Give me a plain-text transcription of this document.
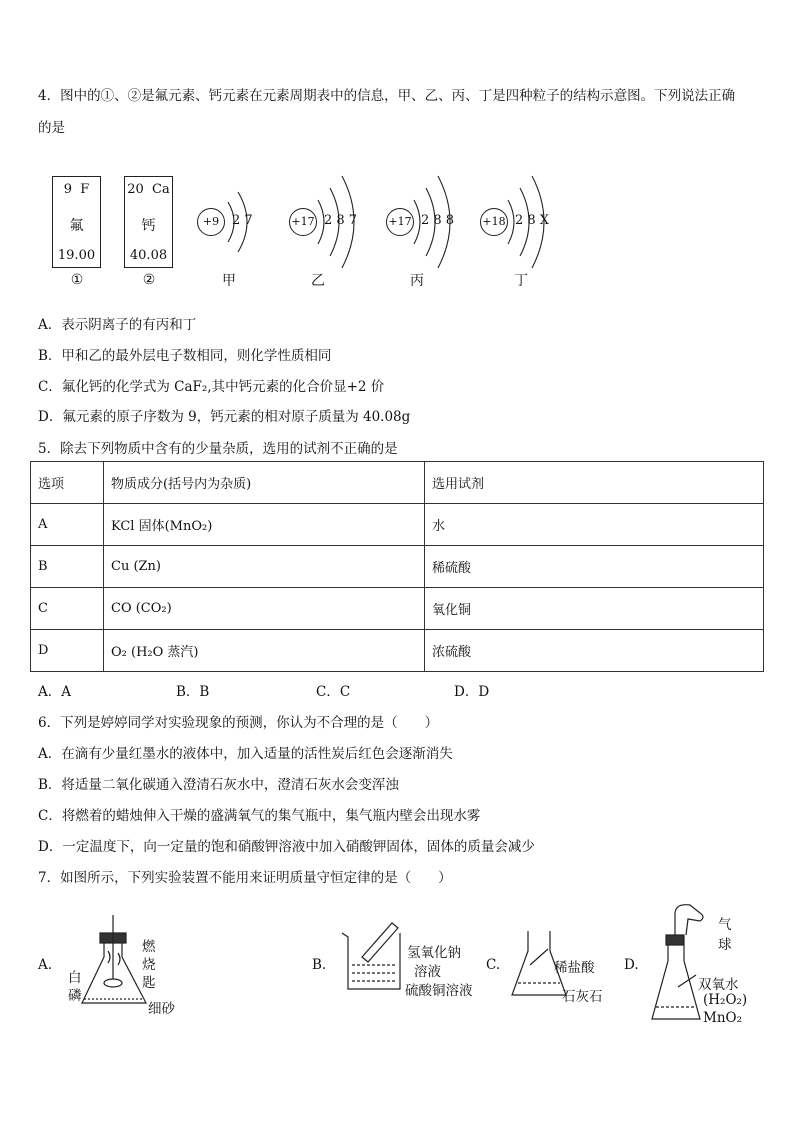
4．图中的①、②是氟元素、钙元素在元素周期表中的信息，甲、乙、丙、丁是四种粒子的结构示意图。下列说法正确
的是
9 F
氟
19.00
①
20 Ca
钙
40.08
②
+9 2 7
甲
+17 2 8 7
乙
+17 2 8 8
丙
+18 2 8 X
丁
A．表示阴离子的有丙和丁
B．甲和乙的最外层电子数相同，则化学性质相同
C．氟化钙的化学式为 CaF₂,其中钙元素的化合价显+2 价
D．氟元素的原子序数为 9，钙元素的相对原子质量为 40.08g
5．除去下列物质中含有的少量杂质，选用的试剂不正确的是
选项	物质成分(括号内为杂质)	选用试剂
A	KCl 固体(MnO₂)	水
B	Cu (Zn)	稀硫酸
C	CO (CO₂)	氧化铜
D	O₂ (H₂O 蒸汽)	浓硫酸
A．A	B．B	C．C	D．D
6．下列是婷婷同学对实验现象的预测，你认为不合理的是（　　）
A．在滴有少量红墨水的液体中，加入适量的活性炭后红色会逐渐消失
B．将适量二氧化碳通入澄清石灰水中，澄清石灰水会变浑浊
C．将燃着的蜡烛伸入干燥的盛满氧气的集气瓶中，集气瓶内壁会出现水雾
D．一定温度下，向一定量的饱和硝酸钾溶液中加入硝酸钾固体，固体的质量会减少
7．如图所示，下列实验装置不能用来证明质量守恒定律的是（　　）
A.
燃
烧
匙
白
磷
细砂
B.
氢氧化钠
溶液
硫酸铜溶液
C.	稀盐酸
石灰石
D.
气
球
双氧水
(H₂O₂)
MnO₂
